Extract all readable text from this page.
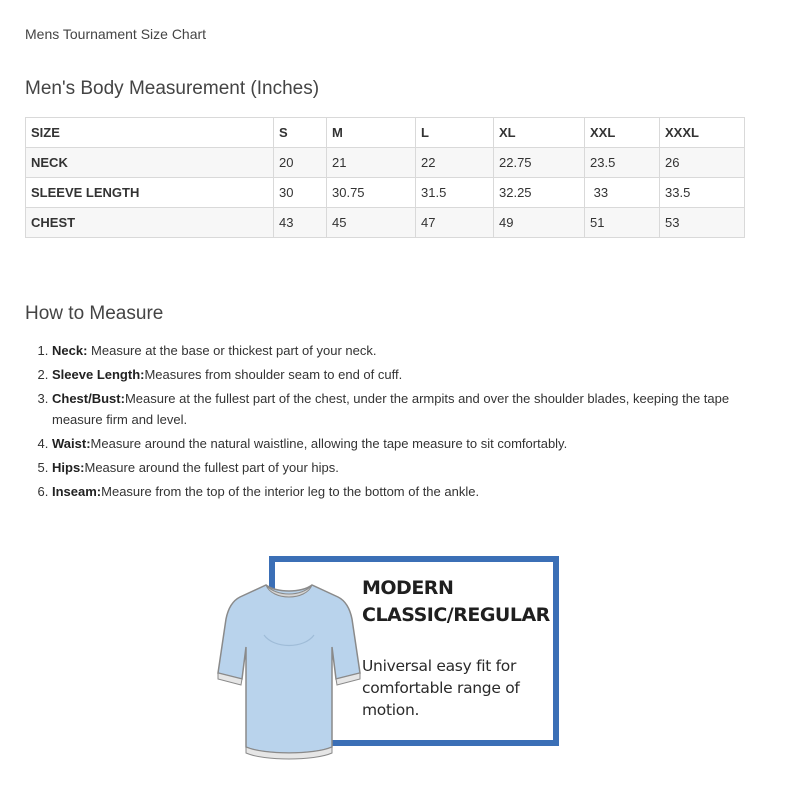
Mens Tournament Size Chart
Men's Body Measurement (Inches)
SIZE	S	M	L	XL	XXL	XXXL
NECK	20	21	22	22.75	23.5	26
SLEEVE LENGTH	30	30.75	31.5	32.25	33	33.5
CHEST	43	45	47	49	51	53
How to Measure
1. Neck: Measure at the base or thickest part of your neck.
2. Sleeve Length:Measures from shoulder seam to end of cuff.
3. Chest/Bust:Measure at the fullest part of the chest, under the armpits and over the shoulder blades, keeping the tape measure firm and level.
4. Waist:Measure around the natural waistline, allowing the tape measure to sit comfortably.
5. Hips:Measure around the fullest part of your hips.
6. Inseam:Measure from the top of the interior leg to the bottom of the ankle.
MODERN
CLASSIC/REGULAR
Universal easy fit for
comfortable range of
motion.
